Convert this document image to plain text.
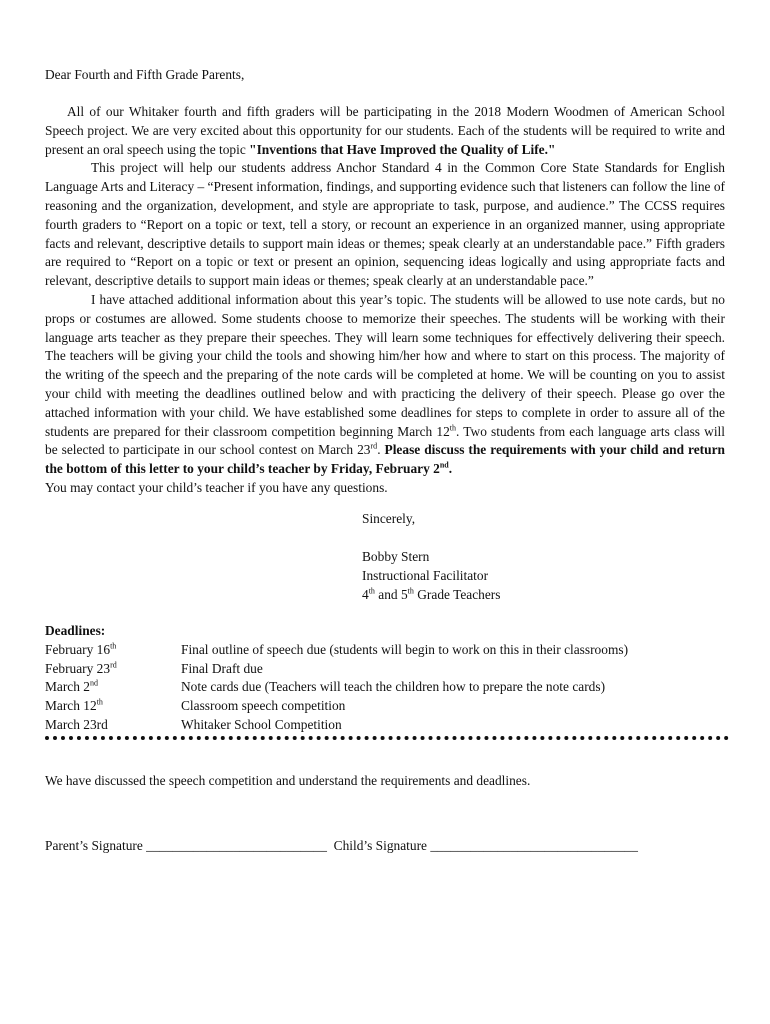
Dear Fourth and Fifth Grade Parents,

All of our Whitaker fourth and fifth graders will be participating in the 2018 Modern Woodmen of American School Speech project. We are very excited about this opportunity for our students. Each of the students will be required to write and present an oral speech using the topic "Inventions that Have Improved the Quality of Life."

This project will help our students address Anchor Standard 4 in the Common Core State Standards for English Language Arts and Literacy – “Present information, findings, and supporting evidence such that listeners can follow the line of reasoning and the organization, development, and style are appropriate to task, purpose, and audience.” The CCSS requires fourth graders to “Report on a topic or text, tell a story, or recount an experience in an organized manner, using appropriate facts and relevant, descriptive details to support main ideas or themes; speak clearly at an understandable pace.” Fifth graders are required to “Report on a topic or text or present an opinion, sequencing ideas logically and using appropriate facts and relevant, descriptive details to support main ideas or themes; speak clearly at an understandable pace.”

I have attached additional information about this year’s topic. The students will be allowed to use note cards, but no props or costumes are allowed. Some students choose to memorize their speeches. The students will be working with their language arts teacher as they prepare their speeches. They will learn some techniques for effectively delivering their speech. The teachers will be giving your child the tools and showing him/her how and where to start on this process. The majority of the writing of the speech and the preparing of the note cards will be completed at home. We will be counting on you to assist your child with meeting the deadlines outlined below and with practicing the delivery of their speech. Please go over the attached information with your child. We have established some deadlines for steps to complete in order to assure all of the students are prepared for their classroom competition beginning March 12th. Two students from each language arts class will be selected to participate in our school contest on March 23rd. Please discuss the requirements with your child and return the bottom of this letter to your child’s teacher by Friday, February 2nd.

You may contact your child’s teacher if you have any questions.

Sincerely,
Bobby Stern
Instructional Facilitator
4th and 5th Grade Teachers
Deadlines:
February 16th	Final outline of speech due (students will begin to work on this in their classrooms)
February 23rd	Final Draft due
March 2nd	Note cards due (Teachers will teach the children how to prepare the note cards)
March 12th	Classroom speech competition
March 23rd	Whitaker School Competition
We have discussed the speech competition and understand the requirements and deadlines.
Parent’s Signature ___________________________ Child’s Signature _______________________________
